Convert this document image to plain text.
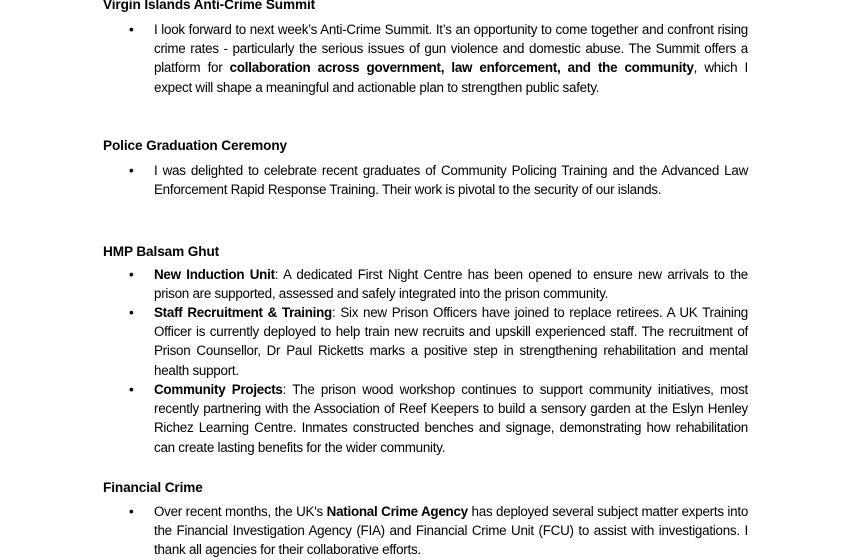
Virgin Islands Anti-Crime Summit
• I look forward to next week’s Anti-Crime Summit. It’s an opportunity to come together and confront rising crime rates - particularly the serious issues of gun violence and domestic abuse. The Summit offers a platform for collaboration across government, law enforcement, and the community, which I expect will shape a meaningful and actionable plan to strengthen public safety.
Police Graduation Ceremony
• I was delighted to celebrate recent graduates of Community Policing Training and the Advanced Law Enforcement Rapid Response Training. Their work is pivotal to the security of our islands.
HMP Balsam Ghut
• New Induction Unit: A dedicated First Night Centre has been opened to ensure new arrivals to the prison are supported, assessed and safely integrated into the prison community.
• Staff Recruitment & Training: Six new Prison Officers have joined to replace retirees. A UK Training Officer is currently deployed to help train new recruits and upskill experienced staff. The recruitment of Prison Counsellor, Dr Paul Ricketts marks a positive step in strengthening rehabilitation and mental health support.
• Community Projects: The prison wood workshop continues to support community initiatives, most recently partnering with the Association of Reef Keepers to build a sensory garden at the Eslyn Henley Richez Learning Centre. Inmates constructed benches and signage, demonstrating how rehabilitation can create lasting benefits for the wider community.
Financial Crime
• Over recent months, the UK's National Crime Agency has deployed several subject matter experts into the Financial Investigation Agency (FIA) and Financial Crime Unit (FCU) to assist with investigations. I thank all agencies for their collaborative efforts.
